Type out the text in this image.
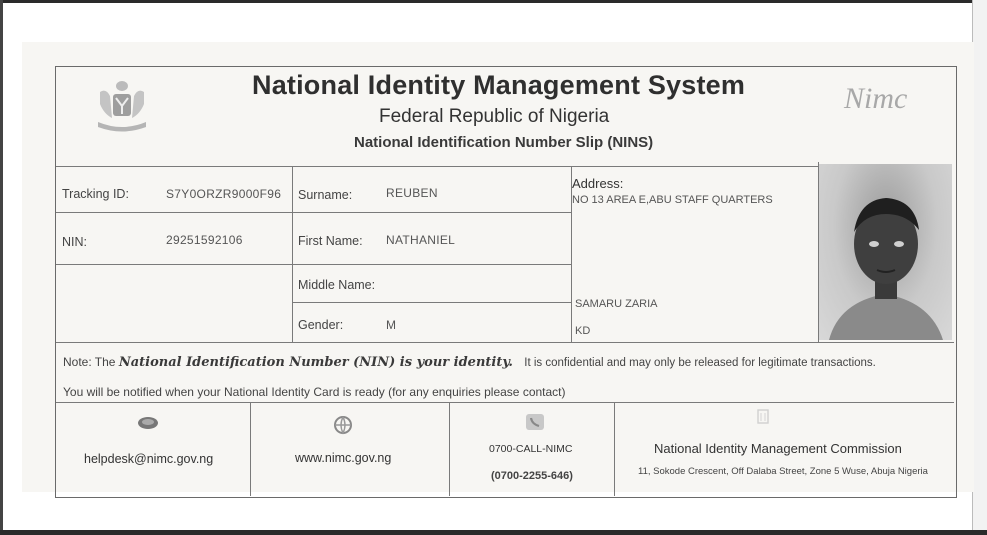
Nimc
National Identity Management System
Federal Republic of Nigeria
National Identification Number Slip (NINS)
Tracking ID:	S7Y0ORZR9000F96
NIN:	29251592106
Surname:	REUBEN
First Name: NATHANIEL
Middle Name:
Gender:	M
Address:
NO 13 AREA E,ABU STAFF QUARTERS
SAMARU ZARIA
KD
Note: The National Identification Number (NIN) is your identity. It is confidential and may only be released for legitimate transactions.
You will be notified when your National Identity Card is ready (for any enquiries please contact)
helpdesk@nimc.gov.ng	www.nimc.gov.ng
0700-CALL-NIMC
(0700-2255-646)
National Identity Management Commission
11, Sokode Crescent, Off Dalaba Street, Zone 5 Wuse, Abuja Nigeria
